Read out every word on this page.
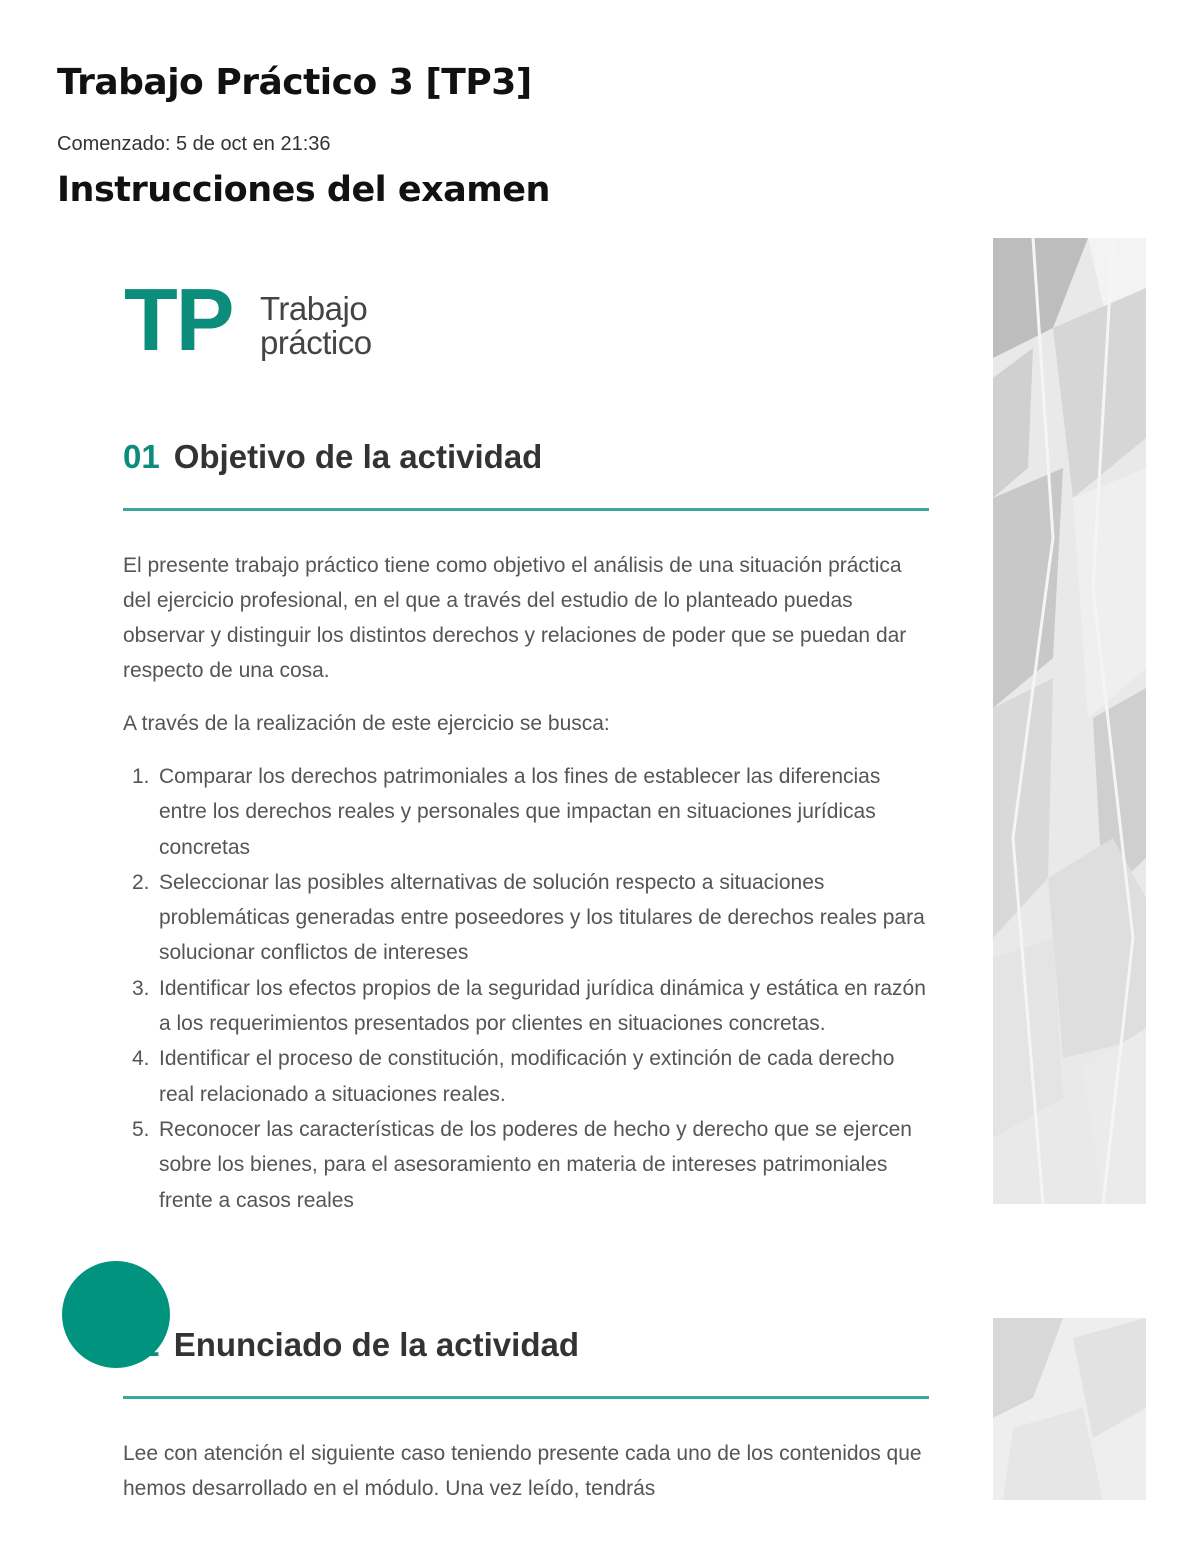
Trabajo Práctico 3 [TP3]
Comenzado: 5 de oct en 21:36
Instrucciones del examen
TP Trabajo
práctico
01 Objetivo de la actividad

El presente trabajo práctico tiene como objetivo el análisis de una situación práctica del ejercicio profesional, en el que a través del estudio de lo planteado puedas observar y distinguir los distintos derechos y relaciones de poder que se puedan dar respecto de una cosa.

A través de la realización de este ejercicio se busca:

1. Comparar los derechos patrimoniales a los fines de establecer las diferencias entre los derechos reales y personales que impactan en situaciones jurídicas concretas
2. Seleccionar las posibles alternativas de solución respecto a situaciones problemáticas generadas entre poseedores y los titulares de derechos reales para solucionar conflictos de intereses
3. Identificar los efectos propios de la seguridad jurídica dinámica y estática en razón a los requerimientos presentados por clientes en situaciones concretas.
4. Identificar el proceso de constitución, modificación y extinción de cada derecho real relacionado a situaciones reales.
5. Reconocer las características de los poderes de hecho y derecho que se ejercen sobre los bienes, para el asesoramiento en materia de intereses patrimoniales frente a casos reales
Enunciado de la actividad

Lee con atención el siguiente caso teniendo presente cada uno de los contenidos que hemos desarrollado en el módulo. Una vez leído, tendrás
